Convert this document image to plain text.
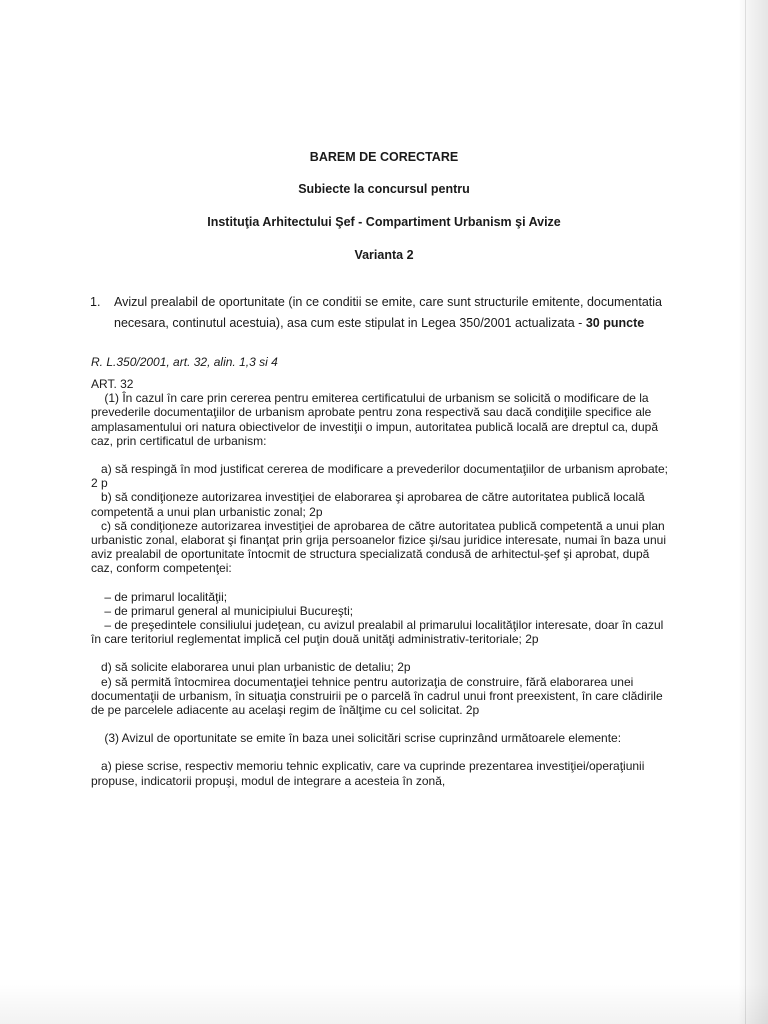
BAREM DE CORECTARE
Subiecte la concursul pentru
Instituţia Arhitectului Şef - Compartiment Urbanism şi Avize
Varianta 2
1.	Avizul prealabil de oportunitate (in ce conditii se emite, care sunt structurile emitente, documentatia necesara, continutul acestuia), asa cum este stipulat in Legea 350/2001 actualizata - 30 puncte

R. L.350/2001, art. 32, alin. 1,3 si 4

ART. 32

(1) În cazul în care prin cererea pentru emiterea certificatului de urbanism se solicită o modificare de la prevederile documentaţiilor de urbanism aprobate pentru zona respectivă sau dacă condiţiile specifice ale amplasamentului ori natura obiectivelor de investiţii o impun, autoritatea publică locală are dreptul ca, după caz, prin certificatul de urbanism:

a) să respingă în mod justificat cererea de modificare a prevederilor documentaţiilor de urbanism aprobate; 2 p

b) să condiţioneze autorizarea investiţiei de elaborarea şi aprobarea de către autoritatea publică locală competentă a unui plan urbanistic zonal; 2p

c) să condiţioneze autorizarea investiţiei de aprobarea de către autoritatea publică competentă a unui plan urbanistic zonal, elaborat şi finanţat prin grija persoanelor fizice şi/sau juridice interesate, numai în baza unui aviz prealabil de oportunitate întocmit de structura specializată condusă de arhitectul-şef şi aprobat, după caz, conform competenţei:

– de primarul localităţii;

– de primarul general al municipiului Bucureşti;

– de preşedintele consiliului judeţean, cu avizul prealabil al primarului localităţilor interesate, doar în cazul în care teritoriul reglementat implică cel puţin două unităţi administrativ-teritoriale; 2p

d) să solicite elaborarea unui plan urbanistic de detaliu; 2p

e) să permită întocmirea documentaţiei tehnice pentru autorizaţia de construire, fără elaborarea unei documentaţii de urbanism, în situaţia construirii pe o parcelă în cadrul unui front preexistent, în care clădirile de pe parcelele adiacente au acelaşi regim de înălţime cu cel solicitat. 2p

(3) Avizul de oportunitate se emite în baza unei solicitări scrise cuprinzând următoarele elemente:

a) piese scrise, respectiv memoriu tehnic explicativ, care va cuprinde prezentarea investiţiei/operaţiunii propuse, indicatorii propuşi, modul de integrare a acesteia în zonă,
